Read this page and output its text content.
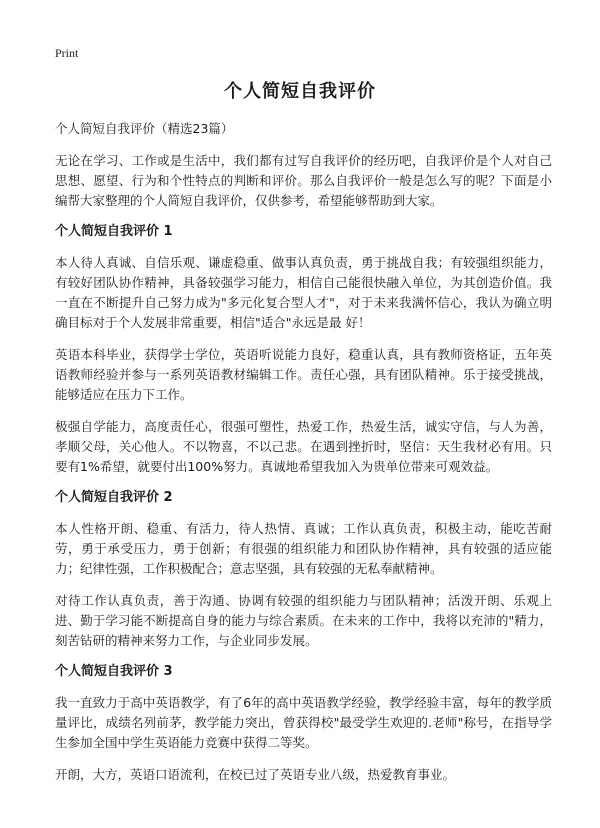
Print
个人简短自我评价
个人简短自我评价（精选23篇）

无论在学习、工作或是生活中，我们都有过写自我评价的经历吧，自我评价是个人对自己思想、愿望、行为和个性特点的判断和评价。那么自我评价一般是怎么写的呢？下面是小编帮大家整理的个人简短自我评价，仅供参考，希望能够帮助到大家。

个人简短自我评价 1

本人待人真诚、自信乐观、谦虚稳重、做事认真负责，勇于挑战自我；有较强组织能力，有较好团队协作精神，具备较强学习能力，相信自己能很快融入单位，为其创造价值。我一直在不断提升自己努力成为"多元化复合型人才"，对于未来我满怀信心，我认为确立明确目标对于个人发展非常重要，相信"适合"永远是最 好！

英语本科毕业，获得学士学位，英语听说能力良好，稳重认真，具有教师资格证，五年英语教师经验并参与一系列英语教材编辑工作。责任心强，具有团队精神。乐于接受挑战，能够适应在压力下工作。

极强自学能力，高度责任心，很强可塑性，热爱工作，热爱生活，诚实守信，与人为善，孝顺父母，关心他人。不以物喜，不以己悲。在遇到挫折时，坚信：天生我材必有用。只要有1%希望，就要付出100%努力。真诚地希望我加入为贵单位带来可观效益。

个人简短自我评价 2

本人性格开朗、稳重、有活力，待人热情、真诚；工作认真负责，积极主动，能吃苦耐劳，勇于承受压力，勇于创新；有很强的组织能力和团队协作精神，具有较强的适应能力；纪律性强，工作积极配合；意志坚强，具有较强的无私奉献精神。

对待工作认真负责，善于沟通、协调有较强的组织能力与团队精神；活泼开朗、乐观上进、勤于学习能不断提高自身的能力与综合素质。在未来的工作中，我将以充沛的"精力，刻苦钻研的精神来努力工作，与企业同步发展。

个人简短自我评价 3

我一直致力于高中英语教学，有了6年的高中英语教学经验，教学经验丰富，每年的教学质量评比，成绩名列前茅，教学能力突出，曾获得校"最受学生欢迎的.老师"称号，在指导学生参加全国中学生英语能力竞赛中获得二等奖。

开朗，大方，英语口语流利，在校已过了英语专业八级，热爱教育事业。
